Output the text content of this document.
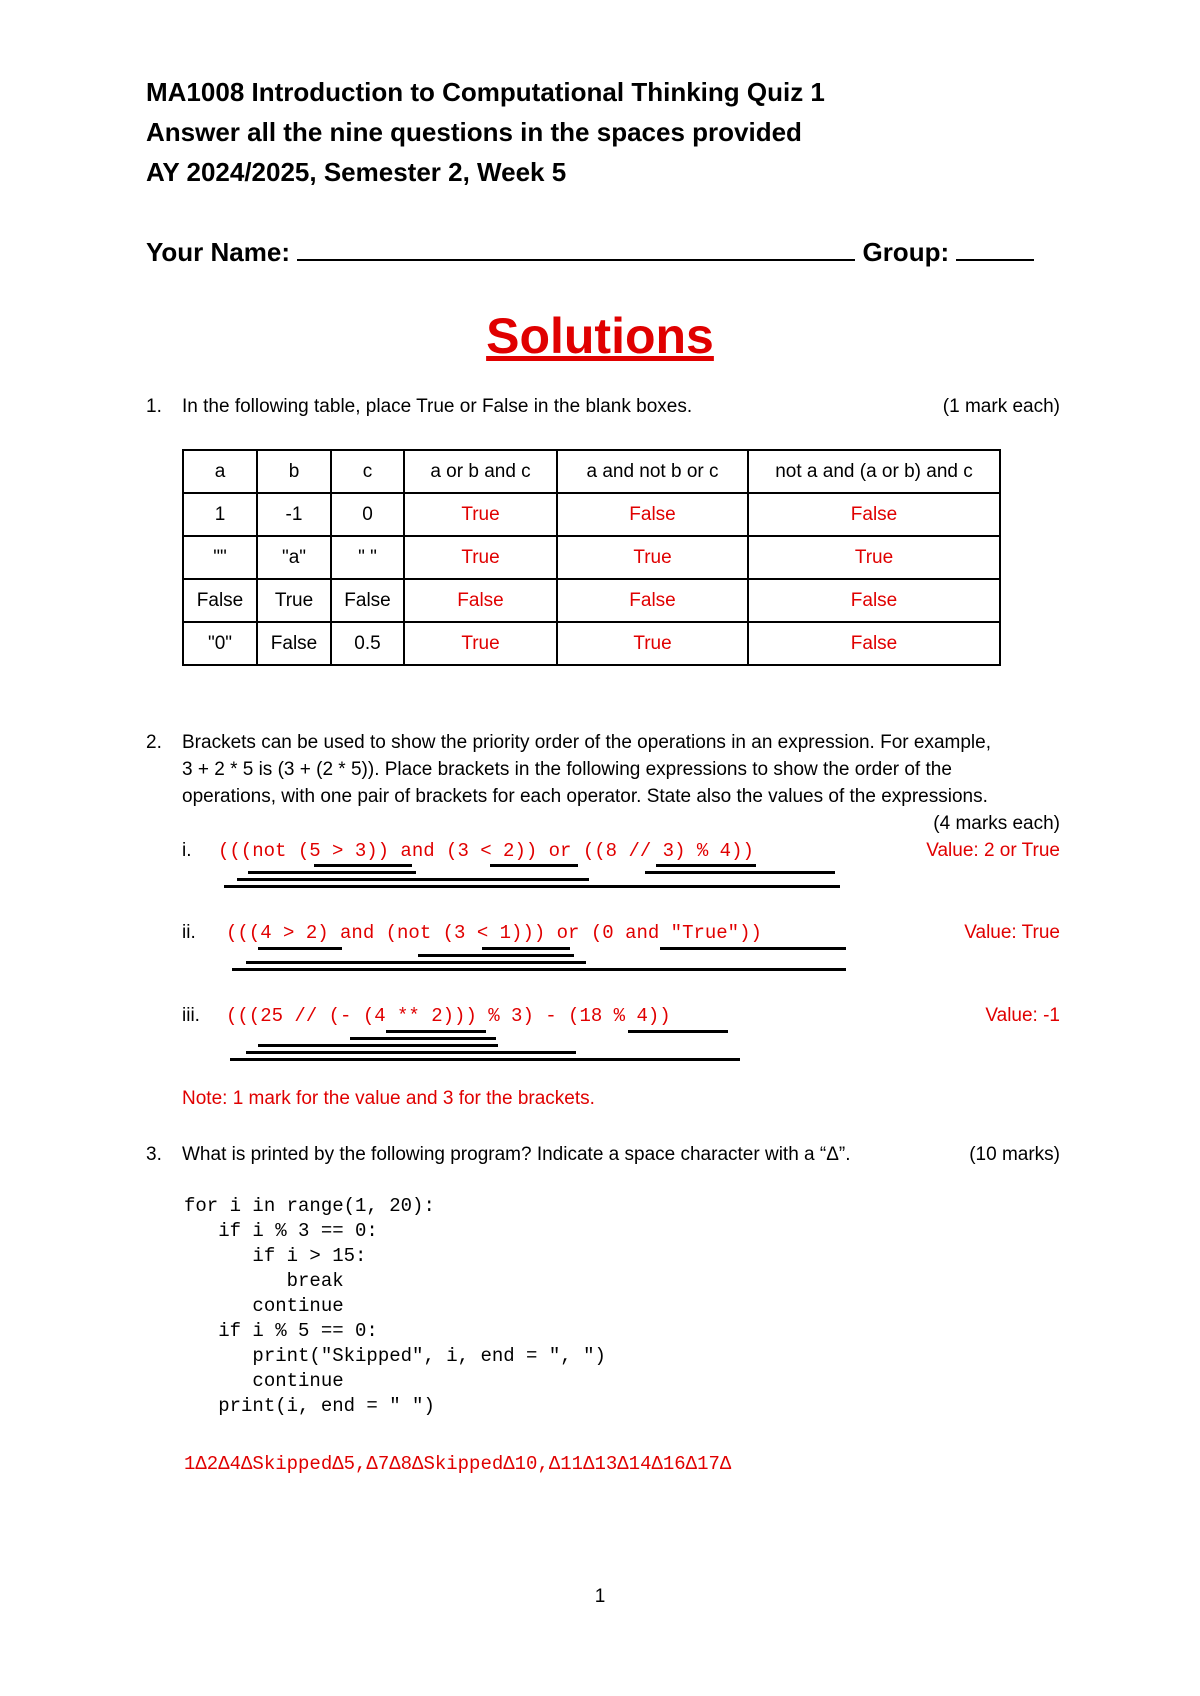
MA1008 Introduction to Computational Thinking Quiz 1
Answer all the nine questions in the spaces provided
AY 2024/2025, Semester 2, Week 5
Your Name:	Group:
Solutions
1. In the following table, place True or False in the blank boxes.	(1 mark each)
a	b	c	a or b and c	a and not b or c	not a and (a or b) and c
1	-1	0	True	False	False
""	"a"	" "	True	True	True
False	True	False	False	False	False
"0"	False	0.5	True	True	False
2. Brackets can be used to show the priority order of the operations in an expression. For example,
3 + 2 * 5 is (3 + (2 * 5)). Place brackets in the following expressions to show the order of the
operations, with one pair of brackets for each operator. State also the values of the expressions.
(4 marks each)
i. (((not (5 > 3)) and (3 < 2)) or ((8 // 3) % 4))	Value: 2 or True
ii. (((4 > 2) and (not (3 < 1))) or (0 and "True"))	Value: True
iii. (((25 // (- (4 ** 2))) % 3) - (18 % 4))	Value: -1
Note: 1 mark for the value and 3 for the brackets.
3. What is printed by the following program? Indicate a space character with a “Δ”.	(10 marks)
for i in range(1, 20):
if i % 3 == 0:
if i > 15:
break
continue
if i % 5 == 0:
print("Skipped", i, end = ", ")
continue
print(i, end = " ")
1Δ2Δ4ΔSkippedΔ5,Δ7Δ8ΔSkippedΔ10,Δ11Δ13Δ14Δ16Δ17Δ
1
